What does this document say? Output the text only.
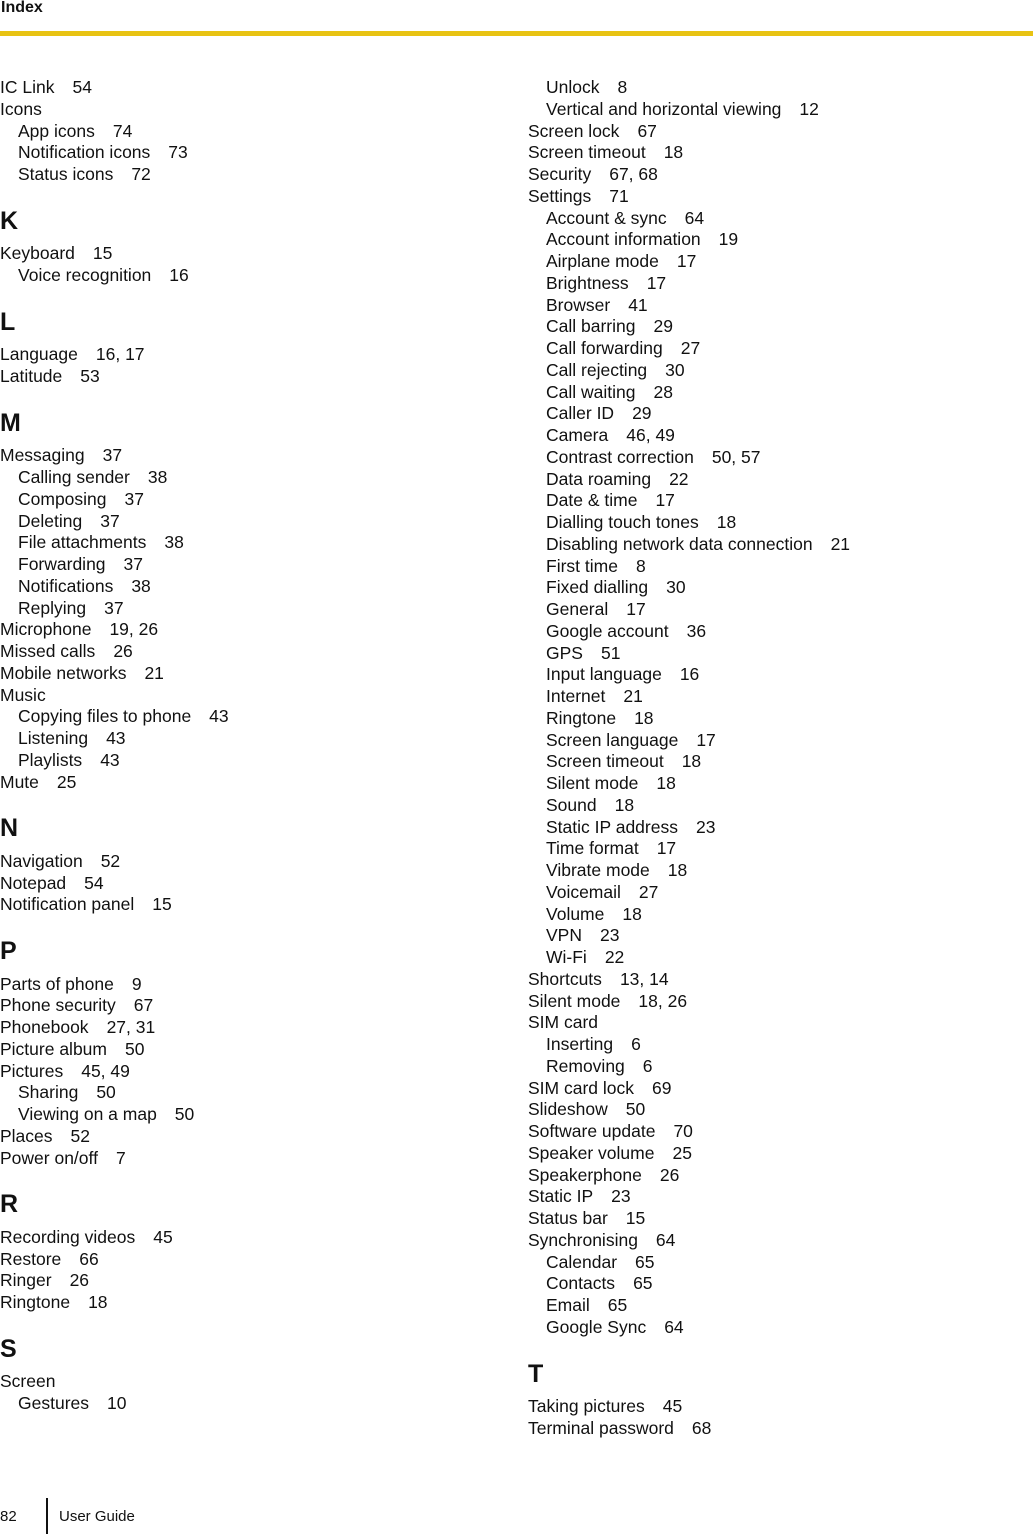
Index
IC Link 54
Icons
App icons 74
Notification icons 73
Status icons 72
K
Keyboard 15
Voice recognition 16
L
Language 16, 17
Latitude 53
M
Messaging 37
Calling sender 38
Composing 37
Deleting 37
File attachments 38
Forwarding 37
Notifications 38
Replying 37
Microphone 19, 26
Missed calls 26
Mobile networks 21
Music
Copying files to phone 43
Listening 43
Playlists 43
Mute 25
N
Navigation 52
Notepad 54
Notification panel 15
P
Parts of phone 9
Phone security 67
Phonebook 27, 31
Picture album 50
Pictures 45, 49
Sharing 50
Viewing on a map 50
Places 52
Power on/off 7
R
Recording videos 45
Restore 66
Ringer 26
Ringtone 18
S
Screen
Gestures 10
Unlock 8
Vertical and horizontal viewing 12
Screen lock 67
Screen timeout 18
Security 67, 68
Settings 71
Account & sync 64
Account information 19
Airplane mode 17
Brightness 17
Browser 41
Call barring 29
Call forwarding 27
Call rejecting 30
Call waiting 28
Caller ID 29
Camera 46, 49
Contrast correction 50, 57
Data roaming 22
Date & time 17
Dialling touch tones 18
Disabling network data connection 21
First time 8
Fixed dialling 30
General 17
Google account 36
GPS 51
Input language 16
Internet 21
Ringtone 18
Screen language 17
Screen timeout 18
Silent mode 18
Sound 18
Static IP address 23
Time format 17
Vibrate mode 18
Voicemail 27
Volume 18
VPN 23
Wi-Fi 22
Shortcuts 13, 14
Silent mode 18, 26
SIM card
Inserting 6
Removing 6
SIM card lock 69
Slideshow 50
Software update 70
Speaker volume 25
Speakerphone 26
Static IP 23
Status bar 15
Synchronising 64
Calendar 65
Contacts 65
Email 65
Google Sync 64
T
Taking pictures 45
Terminal password 68
82	User Guide
